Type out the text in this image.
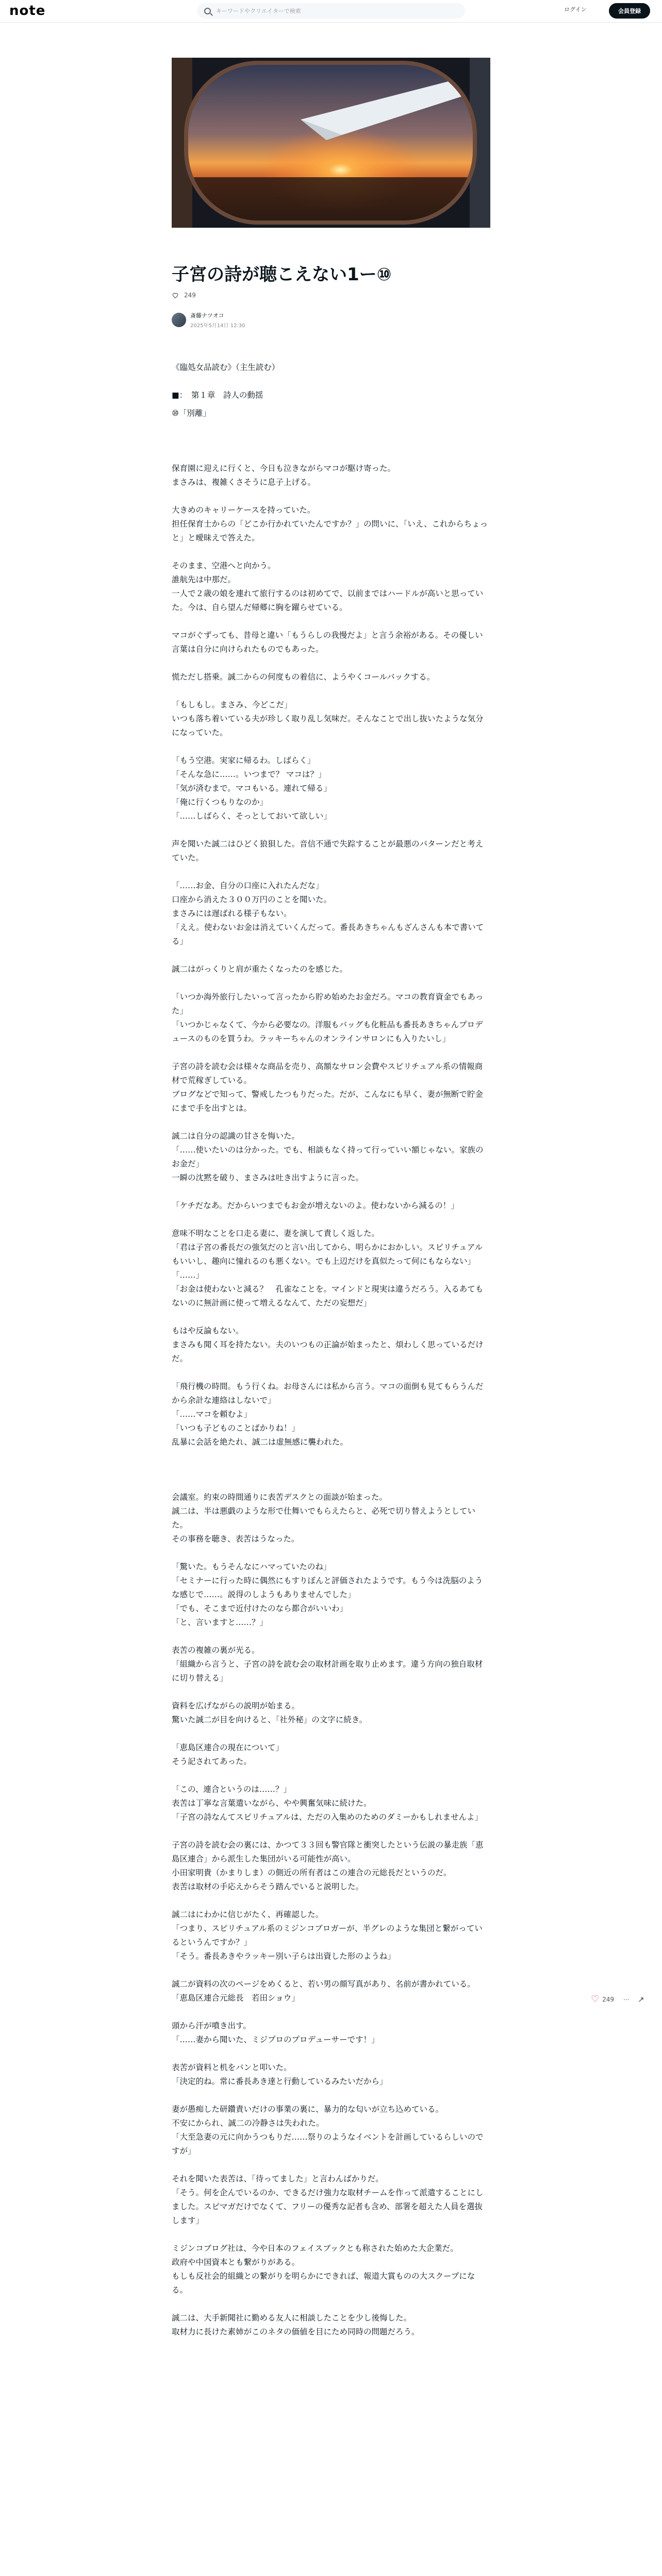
note
キーワードやクリエイターで検索	ログイン	会員登録
子宮の詩が聴こえない1ー⑩
249
斎藤ナツオコ
2025年5月14日 12:30

《臨処女品読む》（主生読む）

■：　第１章　詩人の動揺

⑩「別離」

保育園に迎えに行くと、今日も泣きながらマコが駆け寄った。
まさみは、複雑くさそうに息子上げる。

大きめのキャリーケースを持っていた。
担任保育士からの「どこか行かれていたんですか？」の問いに、「いえ、これからちょっと」と曖昧えで答えた。

そのまま、空港へと向かう。
誰航先は中那だ。
一人で２歳の娘を連れて旅行するのは初めてで、以前まではハードルが高いと思っていた。今は、自ら望んだ帰郷に胸を躍らせている。

マコがぐずっても、昔母と違い「もうらしの我慢だよ」と言う余裕がある。その優しい言葉は自分に向けられたものでもあった。

慌ただし搭乗。誠二からの何度もの着信に、ようやくコールバックする。

「もしもし。まさみ、今どこだ」
いつも落ち着いている夫が珍しく取り乱し気味だ。そんなことで出し抜いたような気分になっていた。

「もう空港。実家に帰るわ。しばらく」
「そんな急に……。いつまで？ マコは？」
「気が済むまで。マコもいる。連れて帰る」
「俺に行くつもりなのか」
「……しばらく、そっとしておいて欲しい」

声を聞いた誠二はひどく狼狽した。音信不通で失踪することが最悪のパターンだと考えていた。

「……お金、自分の口座に入れたんだな」
口座から消えた３００万円のことを聞いた。
まさみには遅ばれる様子もない。
「ええ。使わないお金は消えていくんだって。番長あきちゃんもざんさんも本で書いてる」

誠二はがっくりと肩が重たくなったのを感じた。

「いつか海外旅行したいって言ったから貯め始めたお金だろ。マコの教育資金でもあった」
「いつかじゃなくて、今から必要なの。洋服もバッグも化粧品も番長あきちゃんプロデュースのものを買うわ。ラッキーちゃんのオンラインサロンにも入りたいし」

子宮の詩を読む会は様々な商品を売り、高額なサロン会費やスピリチュアル系の情報商材で荒稼ぎしている。
ブログなどで知って、警戒したつもりだった。だが、こんなにも早く、妻が無断で貯金にまで手を出すとは。

誠二は自分の認識の甘さを悔いた。
「……使いたいのは分かった。でも、相談もなく持って行っていい額じゃない。家族のお金だ」
一瞬の沈黙を破り、まさみは吐き出すように言った。

「ケチだなあ。だからいつまでもお金が増えないのよ。使わないから減るの！」

意味不明なことを口走る妻に、妻を演して責しく返した。
「君は子宮の番長だの強気だのと言い出してから、明らかにおかしい。スピリチュアルもいいし、趣向に憧れるのも悪くない。でも上辺だけを真似たって何にもならない」
「……」
「お金は使わないと減る？　孔雀なことを。マインドと現実は違うだろう。入るあてもないのに無計画に使って増えるなんて、ただの妄想だ」

もはや反論もない。
まさみも聞く耳を持たない。夫のいつもの正論が始まったと、煩わしく思っているだけだ。

「飛行機の時間。もう行くね。お母さんには私から言う。マコの面倒も見てもらうんだから余計な連絡はしないで」
「……マコを頼むよ」
「いつも子どものことばかりね！」
乱暴に会話を絶たれ、誠二は虚無感に襲われた。

会議室。約束の時間通りに表苦デスクとの面談が始まった。
誠二は、半は悪戯のような形で仕舞いでもらえたらと、必死で切り替えようとしていた。
その事務を聴き、表苦はうなった。

「驚いた。もうそんなにハマっていたのね」
「セミナーに行った時に偶然にもすりぼんと評価されたようです。もう今は洗脳のような感じで……。説得のしようもありませんでした」
「でも、そこまで近付けたのなら都合がいいわ」
「と、言いますと……？」

表苦の複雑の裏が光る。
「組織から言うと、子宮の詩を読む会の取材計画を取り止めます。違う方向の独自取材に切り替える」

資料を広げながらの説明が始まる。
驚いた誠二が目を向けると、「社外秘」の文字に続き。

「恵島区連合の現在について」
そう記されてあった。

「この、連合というのは……？」
表苦は丁寧な言葉遣いながら、やや興奮気味に続けた。
「子宮の詩なんてスピリチュアルは、ただの入集めのためのダミーかもしれませんよ」

子宮の詩を読む会の裏には、かつて３３回も警官隊と衝突したという伝説の暴走族「恵島区連合」から派生した集団がいる可能性が高い。
小田家明貴（かまりしま）の側近の所有者はこの連合の元総長だというのだ。
表苦は取材の手応えからそう踏んでいると説明した。

誠二はにわかに信じがたく、再確認した。
「つまり、スピリチュアル系のミジンコブロガーが、半グレのような集団と繋がっているというんですか？」
「そう。番長あきやラッキー別い子らは出資した形のようね」

誠二が資料の次のページをめくると、若い男の顔写真があり、名前が書かれている。
「恵島区連合元総長　若田ショウ」

頭から汗が噴き出す。
「……妻から聞いた、ミジプロのプロデューサーです！」

表苦が資料と机をバンと叩いた。
「決定的ね。常に番長あき達と行動しているみたいだから」

妻が愚痴した研鑽責いだけの事業の裏に、暴力的な匂いが立ち込めている。
不安にかられ、誠二の冷静さは失われた。
「大至急妻の元に向かうつもりだ……祭りのようなイベントを計画しているらしいのですが」

それを聞いた表苦は、「待ってました」と言わんばかりだ。
「そう。何を企んでいるのか、できるだけ強力な取材チームを作って派遣することにしました。スピマガだけでなくて、フリーの優秀な記者も含め、部署を超えた人員を選抜します」

ミジンコブログ社は、今や日本のフェイスブックとも称された始めた大企業だ。
政府や中国資本とも繋がりがある。
もしも反社会的組織との繋がりを明らかにできれば、報道大賞ものの大スクープになる。

誠二は、大手新聞社に勤める友人に相談したことを少し後悔した。
取材力に長けた素姉がこのネタの価値を目にため同時の問題だろう。

♡ 249 ⋯ ↗
